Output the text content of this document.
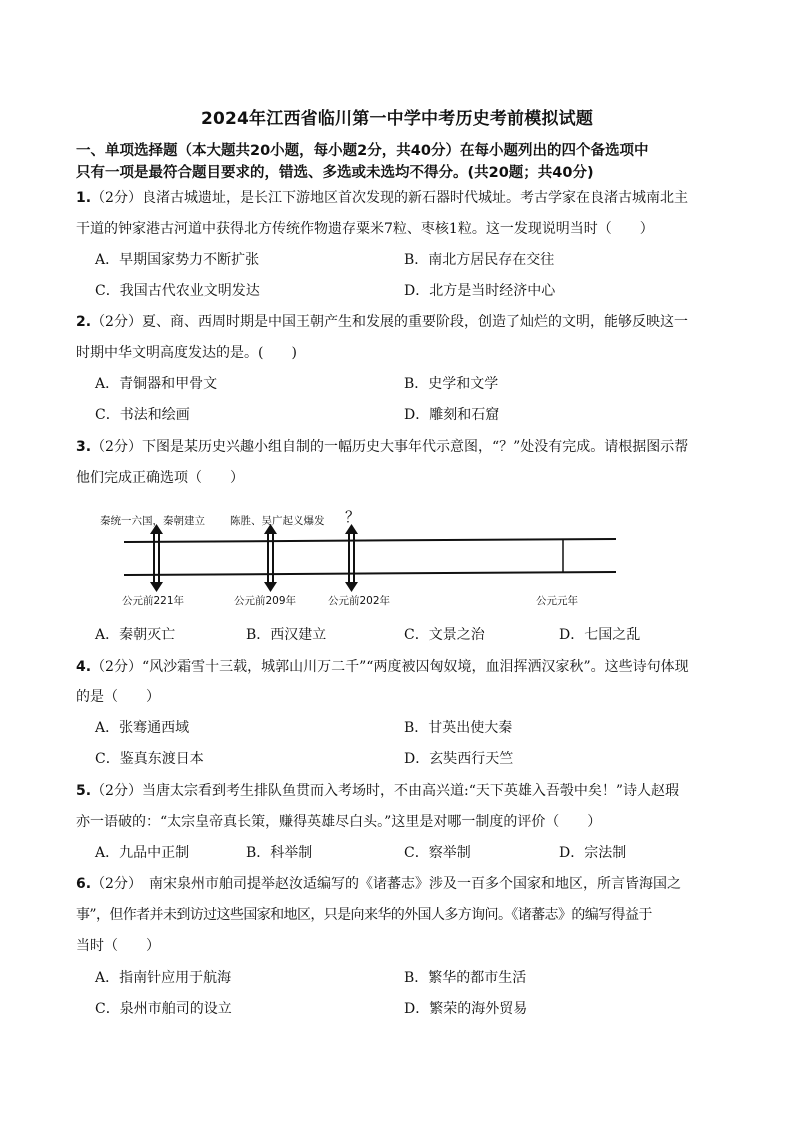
2024年江西省临川第一中学中考历史考前模拟试题
一、单项选择题（本大题共20小题，每小题2分，共40分）在每小题列出的四个备选项中
只有一项是最符合题目要求的，错选、多选或未选均不得分。(共20题；共40分)
1.（2分）良渚古城遗址，是长江下游地区首次发现的新石器时代城址。考古学家在良渚古城南北主
干道的钟家港古河道中获得北方传统作物遗存粟米7粒、枣核1粒。这一发现说明当时（　　）
A．早期国家势力不断扩张	B．南北方居民存在交往
C．我国古代农业文明发达	D．北方是当时经济中心
2.（2分）夏、商、西周时期是中国王朝产生和发展的重要阶段，创造了灿烂的文明，能够反映这一
时期中华文明高度发达的是。(　　)
A．青铜器和甲骨文	B．史学和文学
C．书法和绘画	D．雕刻和石窟
3.（2分）下图是某历史兴趣小组自制的一幅历史大事年代示意图，“？”处没有完成。请根据图示帮
他们完成正确选项（　　）
秦统一六国，秦朝建立 陈胜、吴广起义爆发 ？
公元前221年	公元前209年	公元前202年	公元元年
A．秦朝灭亡	B．西汉建立	C．文景之治	D．七国之乱
4.（2分）“风沙霜雪十三载，城郭山川万二千”“两度被囚匈奴境，血泪挥洒汉家秋”。这些诗句体现
的是（　　）
A．张骞通西域	B．甘英出使大秦
C．鉴真东渡日本	D．玄奘西行天竺
5.（2分）当唐太宗看到考生排队鱼贯而入考场时，不由高兴道:“天下英雄入吾彀中矣！”诗人赵瑕
亦一语破的：“太宗皇帝真长策，赚得英雄尽白头。”这里是对哪一制度的评价（　　）
A．九品中正制	B．科举制	C．察举制	D．宗法制
6.（2分）　南宋泉州市舶司提举赵汝适编写的《诸蕃志》涉及一百多个国家和地区，所言皆海国之
事”，但作者并未到访过这些国家和地区，只是向来华的外国人多方询问。《诸蕃志》的编写得益于
当时（　　）
A．指南针应用于航海	B．繁华的都市生活
C．泉州市舶司的设立	D．繁荣的海外贸易
